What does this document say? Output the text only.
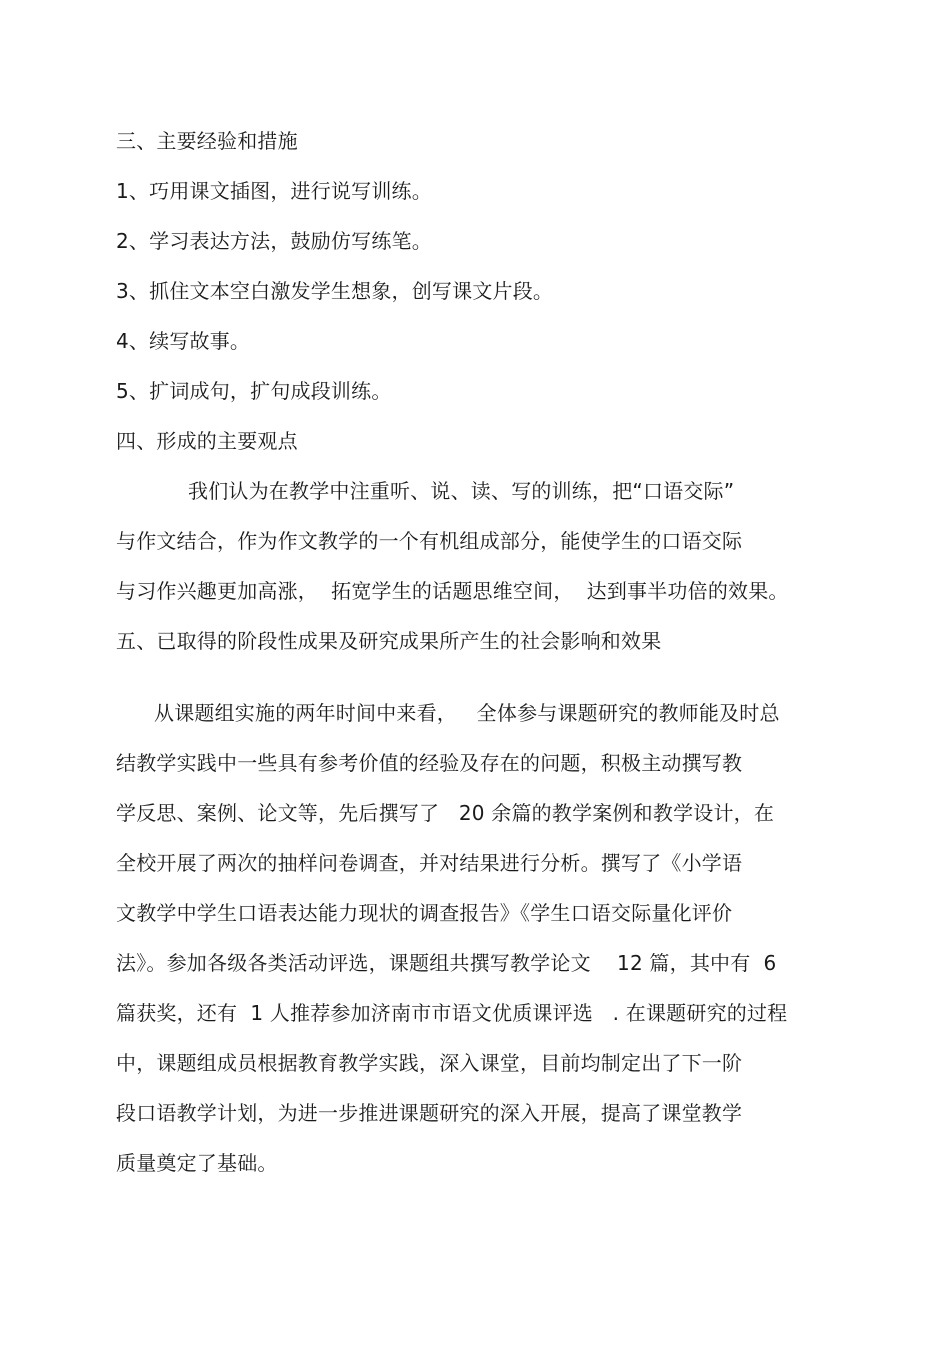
三、主要经验和措施
1、巧用课文插图，进行说写训练。
2、学习表达方法，鼓励仿写练笔。
3、抓住文本空白激发学生想象，创写课文片段。
4、续写故事。
5、扩词成句，扩句成段训练。
四、形成的主要观点
我们认为在教学中注重听、说、读、写的训练，把“口语交际”
与作文结合，作为作文教学的一个有机组成部分，能使学生的口语交际
与习作兴趣更加高涨，  拓宽学生的话题思维空间，  达到事半功倍的效果。
五、已取得的阶段性成果及研究成果所产生的社会影响和效果
从课题组实施的两年时间中来看，   全体参与课题研究的教师能及时总
结教学实践中一些具有参考价值的经验及存在的问题，积极主动撰写教
学反思、案例、论文等，先后撰写了   20 余篇的教学案例和教学设计，在
全校开展了两次的抽样问卷调查，并对结果进行分析。撰写了《小学语
文教学中学生口语表达能力现状的调查报告》《学生口语交际量化评价
法》。参加各级各类活动评选，课题组共撰写教学论文    12 篇，其中有  6
篇获奖，还有  1 人推荐参加济南市市语文优质课评选   . 在课题研究的过程
中，课题组成员根据教育教学实践，深入课堂，目前均制定出了下一阶
段口语教学计划，为进一步推进课题研究的深入开展，提高了课堂教学
质量奠定了基础。
